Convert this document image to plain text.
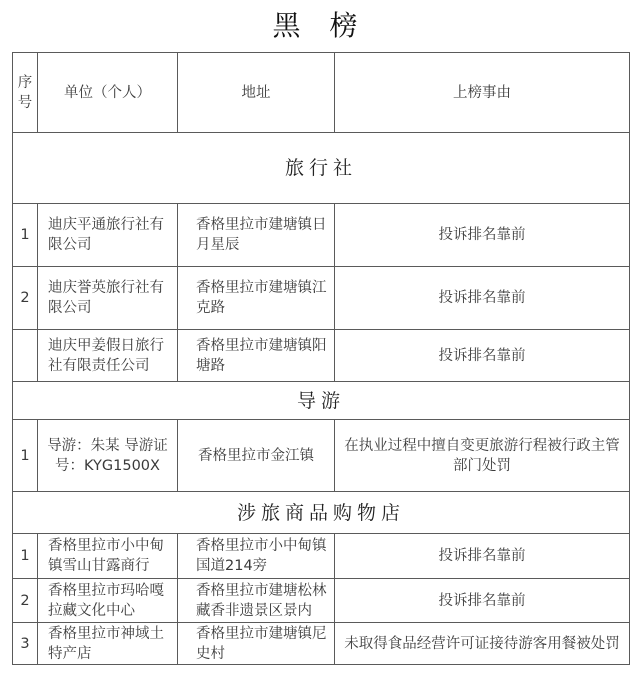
黑 榜
序号	单位（个人）	地址	上榜事由
旅行社			
1	迪庆平通旅行社有限公司	香格里拉市建塘镇日月星辰	投诉排名靠前
2	迪庆誉英旅行社有限公司	香格里拉市建塘镇江克路	投诉排名靠前
	迪庆甲姜假日旅行社有限责任公司	香格里拉市建塘镇阳塘路	投诉排名靠前
导游			
1	导游：朱某 导游证号：KYG1500X	香格里拉市金江镇	在执业过程中擅自变更旅游行程被行政主管部门处罚
涉旅商品购物店			
1	香格里拉市小中甸镇雪山甘露商行	香格里拉市小中甸镇国道214旁	投诉排名靠前
2	香格里拉市玛哈嘎拉藏文化中心	香格里拉市建塘松林藏香非遗景区景内	投诉排名靠前
3	香格里拉市神域土特产店	香格里拉市建塘镇尼史村	未取得食品经营许可证接待游客用餐被处罚
